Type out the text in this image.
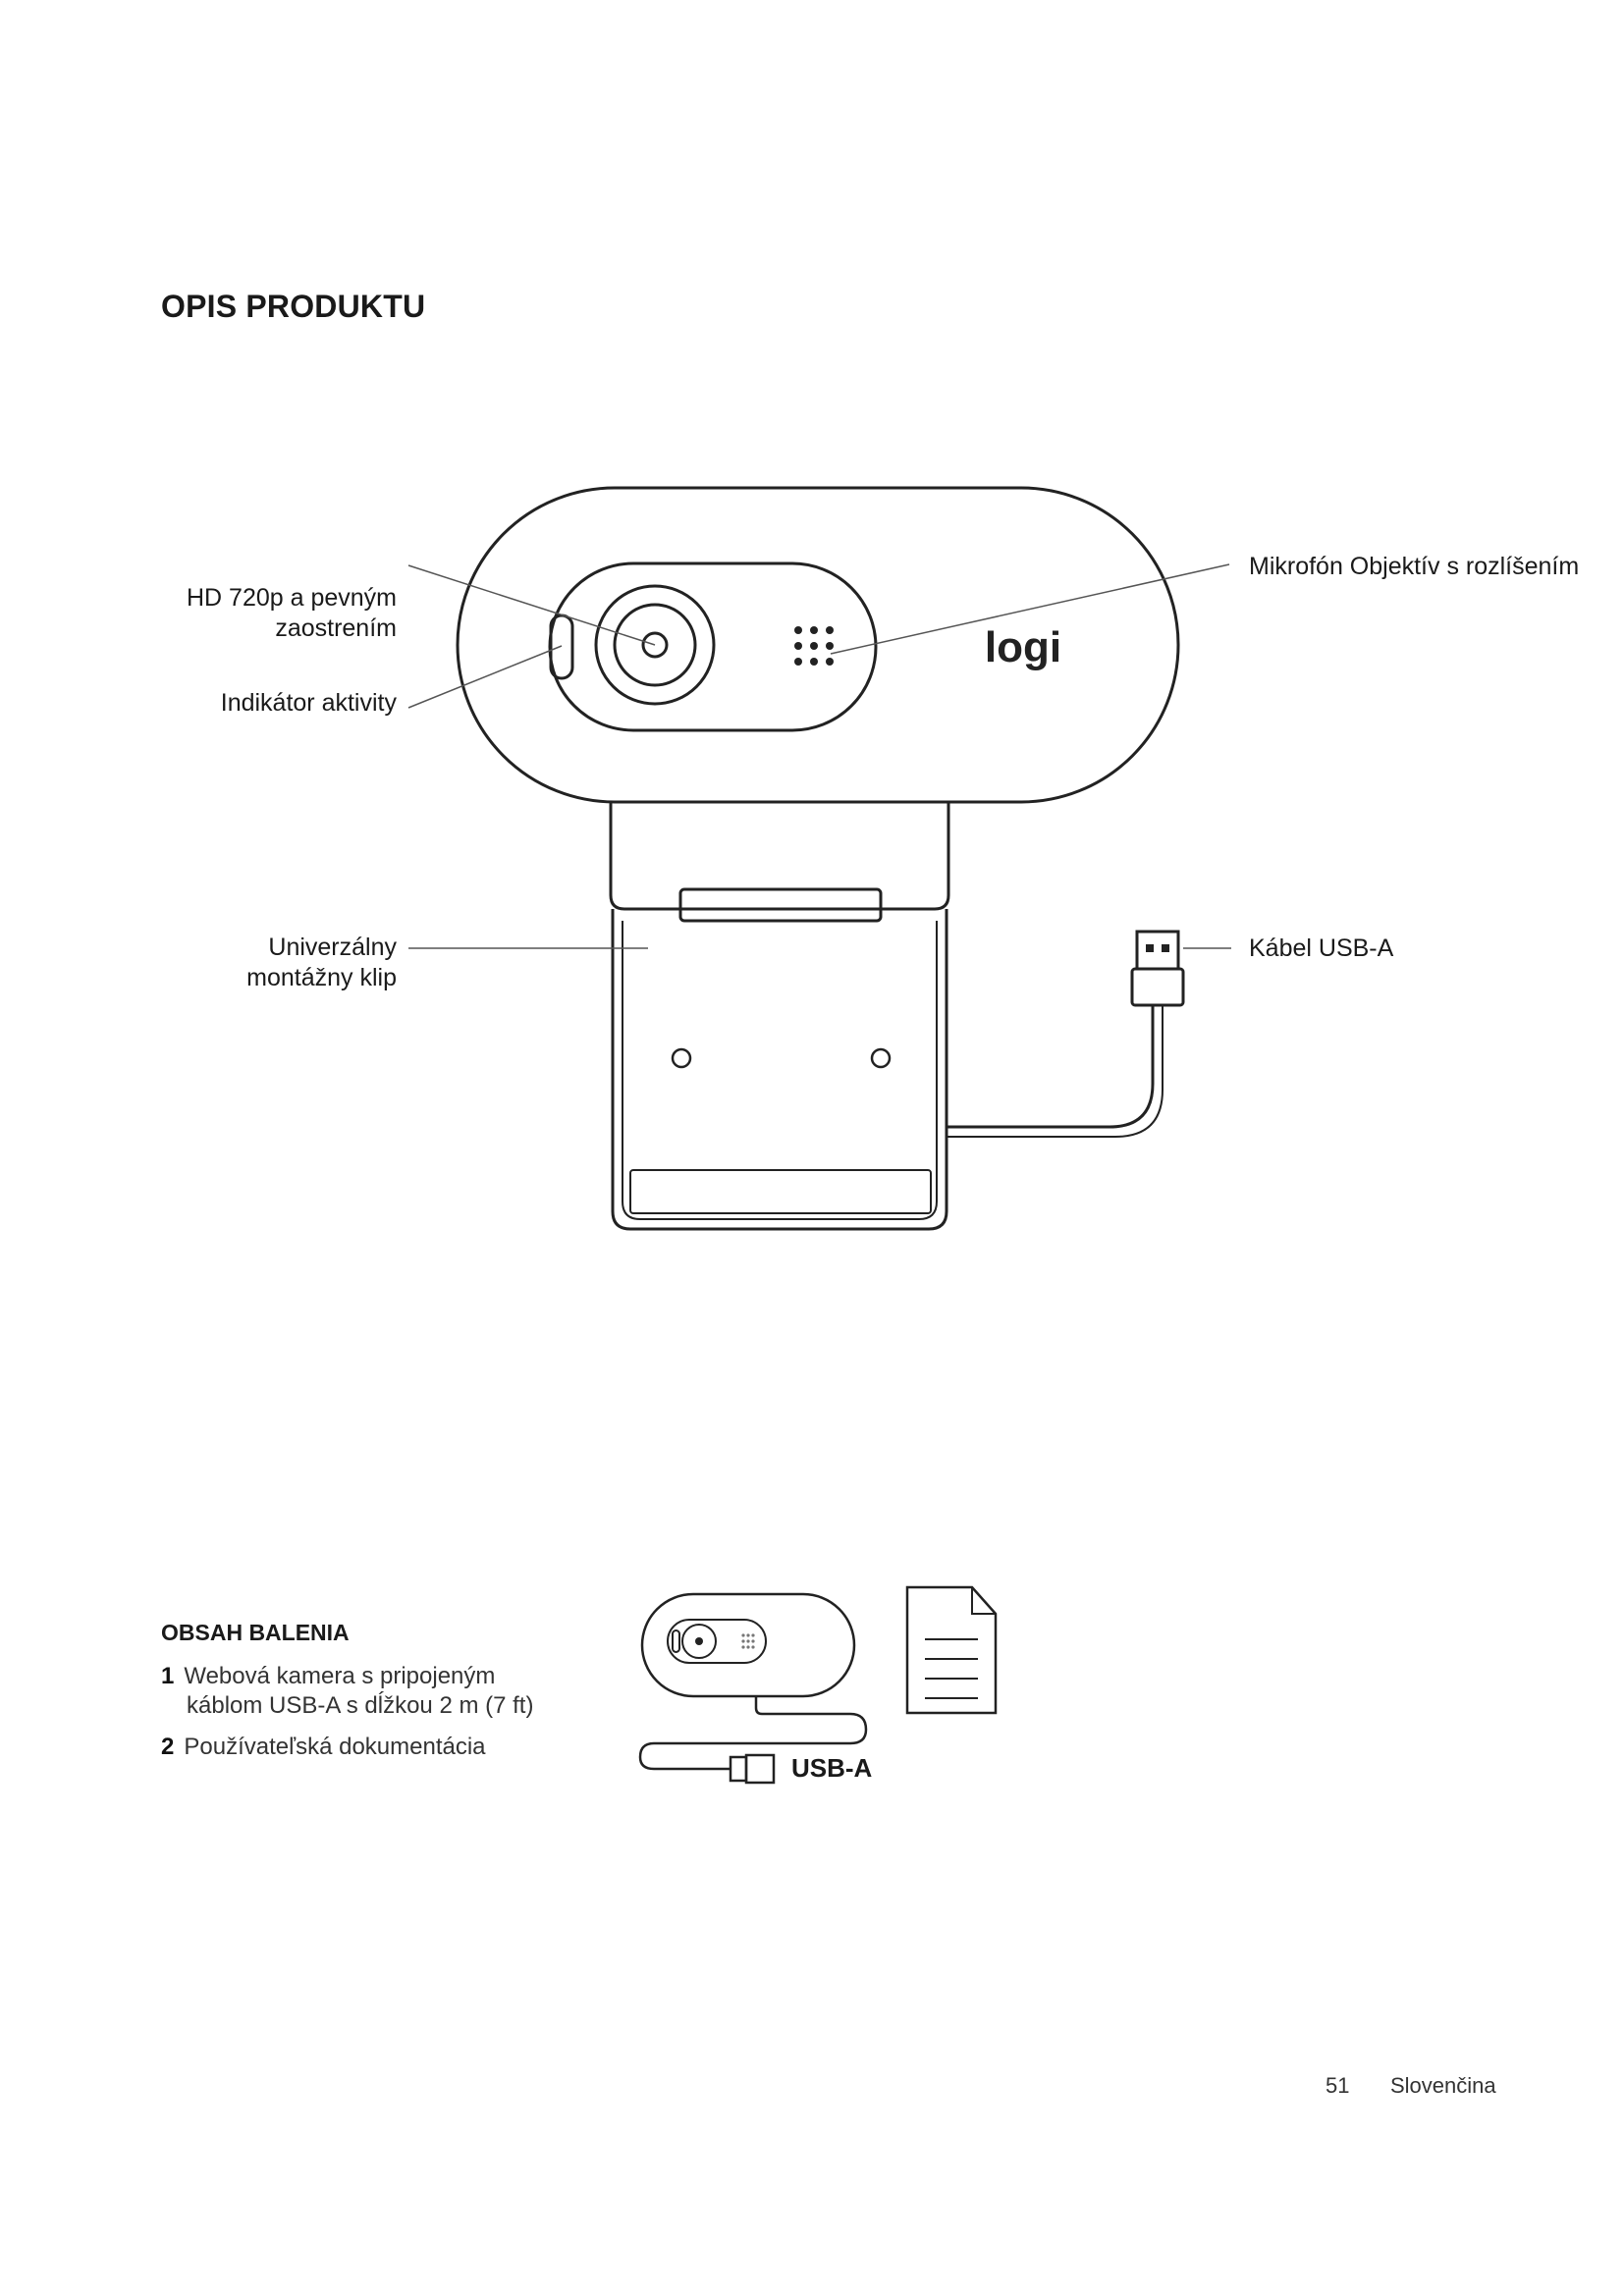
OPIS PRODUKTU
logi
HD 720p a pevným zaostrením
Indikátor aktivity
Mikrofón Objektív s rozlíšením
Univerzálny
montážny klip
Kábel USB-A
OBSAH BALENIA
1 Webová kamera s pripojeným
káblom USB-A s dĺžkou 2 m (7 ft)
2 Používateľská dokumentácia
USB-A
51 Slovenčina
